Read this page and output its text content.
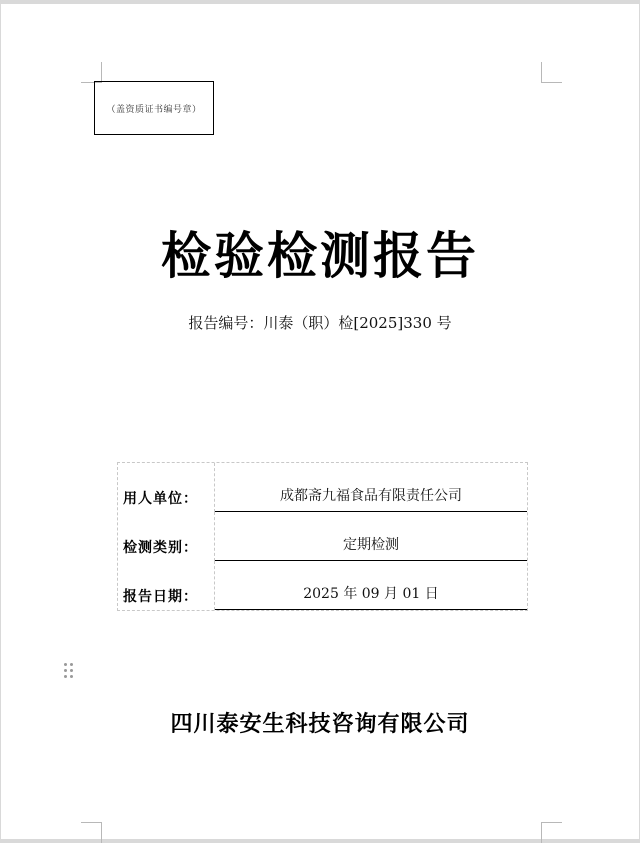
（盖资质证书编号章）
检验检测报告
报告编号：川泰（职）检[2025]330 号
用人单位：	成都斋九福食品有限责任公司
检测类别：	定期检测
报告日期：	2025 年 09 月 01 日
四川泰安生科技咨询有限公司
